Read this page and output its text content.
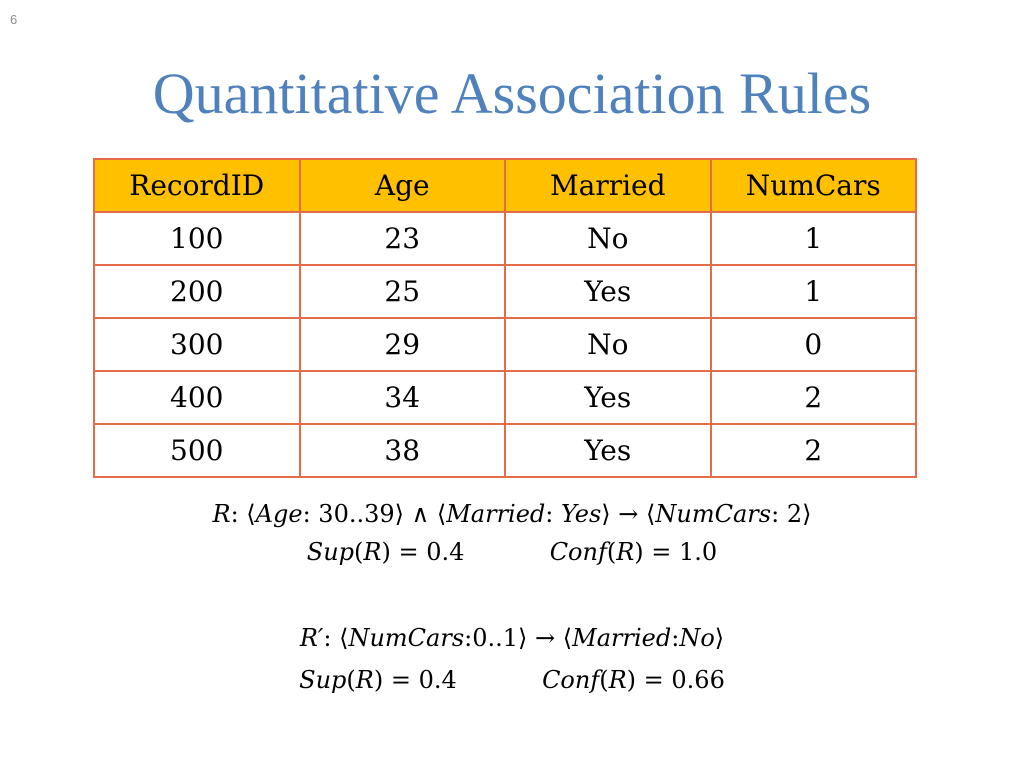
6
Quantitative Association Rules
RecordID	Age	Married	NumCars
100	23	No	1
200	25	Yes	1
300	29	No	0
400	34	Yes	2
500	38	Yes	2
R: ⟨Age: 30..39⟩ ∧ ⟨Married: Yes⟩ → ⟨NumCars: 2⟩
Sup(R) = 0.4	Conf(R) = 1.0
R′: ⟨NumCars:0..1⟩ → ⟨Married:No⟩
Sup(R) = 0.4	Conf(R) = 0.66
